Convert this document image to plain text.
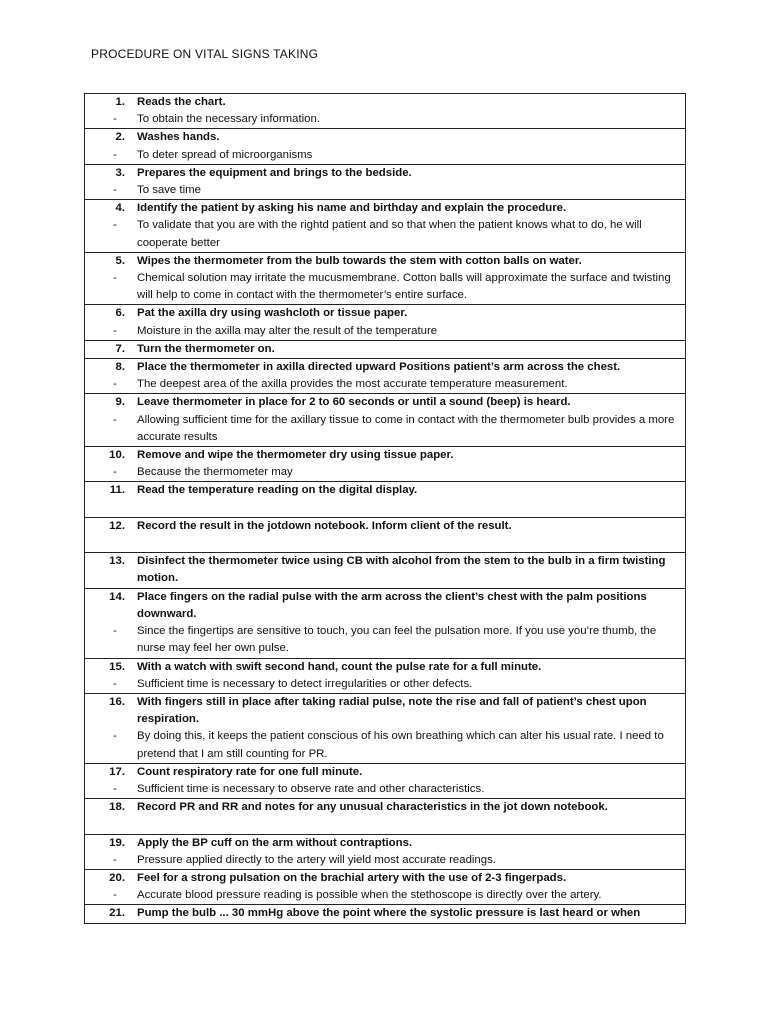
PROCEDURE ON VITAL SIGNS TAKING
1.	Reads the chart.
-	To obtain the necessary information.
2.	Washes hands.
-	To deter spread of microorganisms
3.	Prepares the equipment and brings to the bedside.
-	To save time
4.	Identify the patient by asking his name and birthday and explain the procedure.
-	To validate that you are with the rightd patient and so that when the patient knows what to do, he will cooperate better
5.	Wipes the thermometer from the bulb towards the stem with cotton balls on water.
-	Chemical solution may irritate the mucusmembrane. Cotton balls will approximate the surface and twisting will help to come in contact with the thermometer’s entire surface.
6.	Pat the axilla dry using washcloth or tissue paper.
-	Moisture in the axilla may alter the result of the temperature
7.	Turn the thermometer on.
8.	Place the thermometer in axilla directed upward Positions patient’s arm across the chest.
-	The deepest area of the axilla provides the most accurate temperature measurement.
9.	Leave thermometer in place for 2 to 60 seconds or until a sound (beep) is heard.
-	Allowing sufficient time for the axillary tissue to come in contact with the thermometer bulb provides a more accurate results
10.	Remove and wipe the thermometer dry using tissue paper.
-	Because the thermometer may
11.	Read the temperature reading on the digital display.

12.	Record the result in the jotdown notebook. Inform client of the result.

13.	Disinfect the thermometer twice using CB with alcohol from the stem to the bulb in a firm twisting motion.
14.	Place fingers on the radial pulse with the arm across the client’s chest with the palm positions downward.
-	Since the fingertips are sensitive to touch, you can feel the pulsation more. If you use you’re thumb, the nurse may feel her own pulse.
15.	With a watch with swift second hand, count the pulse rate for a full minute.
-	Sufficient time is necessary to detect irregularities or other defects.
16.	With fingers still in place after taking radial pulse, note the rise and fall of patient’s chest upon respiration.
-	By doing this, it keeps the patient conscious of his own breathing which can alter his usual rate. I need to pretend that I am still counting for PR.
17.	Count respiratory rate for one full minute.
-	Sufficient time is necessary to observe rate and other characteristics.
18.	Record PR and RR and notes for any unusual characteristics in the jot down notebook.

19.	Apply the BP cuff on the arm without contraptions.
-	Pressure applied directly to the artery will yield most accurate readings.
20.	Feel for a strong pulsation on the brachial artery with the use of 2-3 fingerpads.
-	Accurate blood pressure reading is possible when the stethoscope is directly over the artery.
21.	Pump the bulb ... 30 mmHg above the point where the systolic pressure is last heard or when
